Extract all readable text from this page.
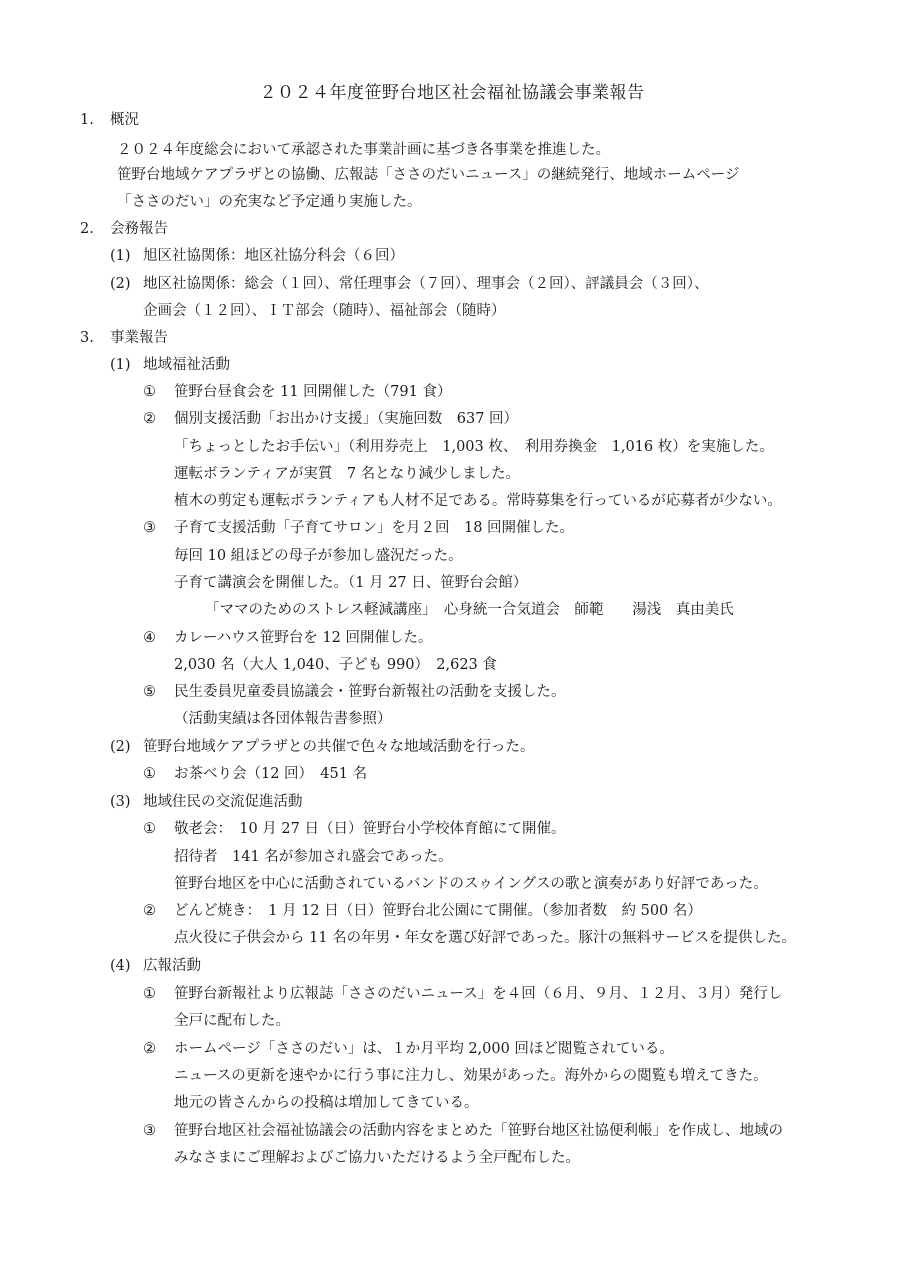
２０２４年度笹野台地区社会福祉協議会事業報告
1. 概況
２０２４年度総会において承認された事業計画に基づき各事業を推進した。
笹野台地域ケアプラザとの協働、広報誌「ささのだいニュース」の継続発行、地域ホームページ
「ささのだい」の充実など予定通り実施した。
2. 会務報告
(1) 旭区社協関係：地区社協分科会（６回）
(2) 地区社協関係：総会（１回）、常任理事会（７回）、理事会（２回）、評議員会（３回）、
企画会（１２回）、ＩＴ部会（随時）、福祉部会（随時）
3. 事業報告
(1) 地域福祉活動
① 笹野台昼食会を 11 回開催した（791 食）
② 個別支援活動「お出かけ支援」（実施回数　637 回）
「ちょっとしたお手伝い」（利用券売上　1,003 枚、　利用券換金　1,016 枚）を実施した。
運転ボランティアが実質　7 名となり減少しました。
植木の剪定も運転ボランティアも人材不足である。常時募集を行っているが応募者が少ない。
③ 子育て支援活動「子育てサロン」を月２回　18 回開催した。
毎回 10 組ほどの母子が参加し盛況だった。
子育て講演会を開催した。（1 月 27 日、笹野台会館）
「ママのためのストレス軽減講座」　心身統一合気道会　師範　　湯浅　真由美氏
④ カレーハウス笹野台を 12 回開催した。
2,030 名（大人 1,040、子ども 990）　2,623 食
⑤ 民生委員児童委員協議会・笹野台新報社の活動を支援した。
（活動実績は各団体報告書参照）
(2) 笹野台地域ケアプラザとの共催で色々な地域活動を行った。
① お茶べり会（12 回）　451 名
(3) 地域住民の交流促進活動
① 敬老会：　10 月 27 日（日）笹野台小学校体育館にて開催。
招待者　141 名が参加され盛会であった。
笹野台地区を中心に活動されているバンドのスゥイングスの歌と演奏があり好評であった。
② どんど焼き：　1 月 12 日（日）笹野台北公園にて開催。（参加者数　約 500 名）
点火役に子供会から 11 名の年男・年女を選び好評であった。豚汁の無料サービスを提供した。
(4) 広報活動
① 笹野台新報社より広報誌「ささのだいニュース」を４回（６月、９月、１２月、３月）発行し
全戸に配布した。
② ホームページ「ささのだい」は、１か月平均 2,000 回ほど閲覧されている。
ニュースの更新を速やかに行う事に注力し、効果があった。海外からの閲覧も増えてきた。
地元の皆さんからの投稿は増加してきている。
③ 笹野台地区社会福祉協議会の活動内容をまとめた「笹野台地区社協便利帳」を作成し、地域の
みなさまにご理解およびご協力いただけるよう全戸配布した。
